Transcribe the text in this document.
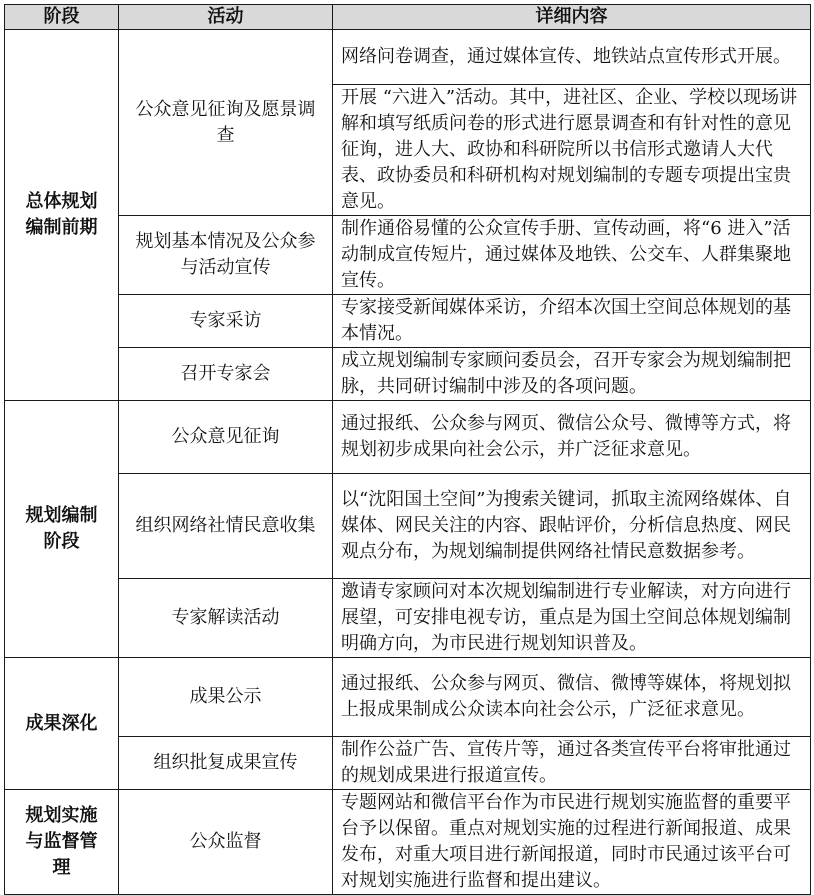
阶段	活动	详细内容
总体规划编制前期	公众意见征询及愿景调查	网络问卷调查，通过媒体宣传、地铁站点宣传形式开展。
		开展 “六进入”活动。其中，进社区、企业、学校以现场讲解和填写纸质问卷的形式进行愿景调查和有针对性的意见征询，进人大、政协和科研院所以书信形式邀请人大代表、政协委员和科研机构对规划编制的专题专项提出宝贵意见。
	规划基本情况及公众参与活动宣传	制作通俗易懂的公众宣传手册、宣传动画，将“6 进入”活动制成宣传短片，通过媒体及地铁、公交车、人群集聚地宣传。
	专家采访	专家接受新闻媒体采访，介绍本次国土空间总体规划的基本情况。
	召开专家会	成立规划编制专家顾问委员会，召开专家会为规划编制把脉，共同研讨编制中涉及的各项问题。
规划编制阶段	公众意见征询	通过报纸、公众参与网页、微信公众号、微博等方式，将规划初步成果向社会公示，并广泛征求意见。
	组织网络社情民意收集	以“沈阳国土空间”为搜索关键词，抓取主流网络媒体、自媒体、网民关注的内容、跟帖评价，分析信息热度、网民观点分布，为规划编制提供网络社情民意数据参考。
	专家解读活动	邀请专家顾问对本次规划编制进行专业解读，对方向进行展望，可安排电视专访，重点是为国土空间总体规划编制明确方向，为市民进行规划知识普及。
成果深化	成果公示	通过报纸、公众参与网页、微信、微博等媒体，将规划拟上报成果制成公众读本向社会公示，广泛征求意见。
	组织批复成果宣传	制作公益广告、宣传片等，通过各类宣传平台将审批通过的规划成果进行报道宣传。
规划实施与监督管理	公众监督	专题网站和微信平台作为市民进行规划实施监督的重要平台予以保留。重点对规划实施的过程进行新闻报道、成果发布，对重大项目进行新闻报道，同时市民通过该平台可对规划实施进行监督和提出建议。
